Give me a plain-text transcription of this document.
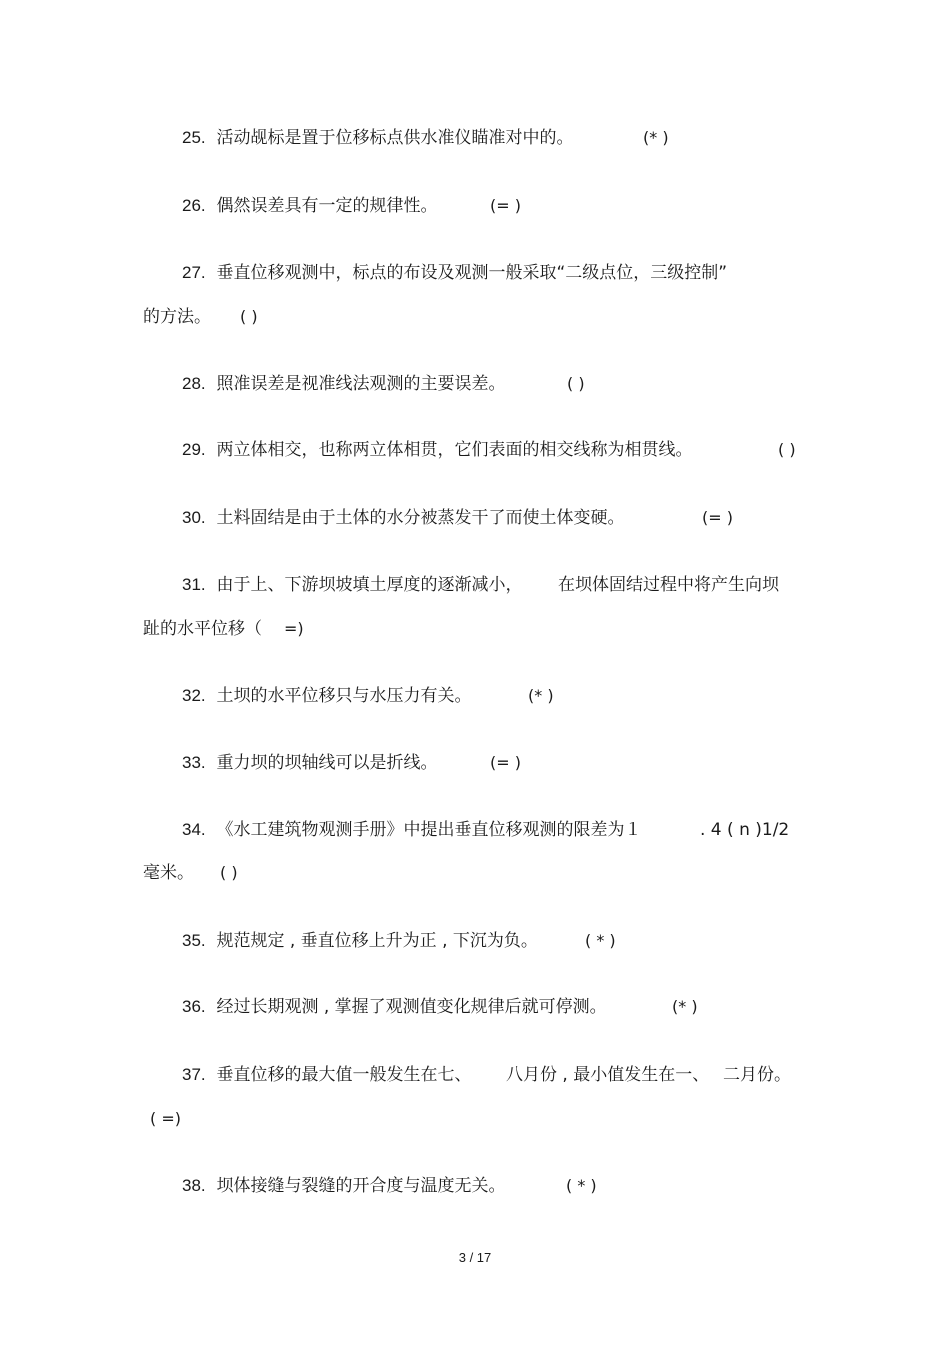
25. 活动觇标是置于位移标点供水准仪瞄准对中的。	(* )
26. 偶然误差具有一定的规律性。	(= )
27. 垂直位移观测中，标点的布设及观测一般采取“二级点位，三级控制”
的方法。 ( )
28. 照准误差是视准线法观测的主要误差。	( )
29. 两立体相交，也称两立体相贯，它们表面的相交线称为相贯线。	( )
30. 土料固结是由于土体的水分被蒸发干了而使土体变硬。	(= )
31. 由于上、下游坝坡填土厚度的逐渐减小， 在坝体固结过程中将产生向坝
趾的水平位移（ =)
32. 土坝的水平位移只与水压力有关。	(* )
33. 重力坝的坝轴线可以是折线。	(= )
34. 《水工建筑物观测手册》中提出垂直位移观测的限差为１	. 4 ( n )1/2
毫米。 ( )
35. 规范规定 , 垂直位移上升为正 , 下沉为负。	( * )
36. 经过长期观测 , 掌握了观测值变化规律后就可停测。	(* )
37. 垂直位移的最大值一般发生在七、 八月份 , 最小值发生在一、 二月份。
( =)
38. 坝体接缝与裂缝的开合度与温度无关。	( * )
3 / 17
